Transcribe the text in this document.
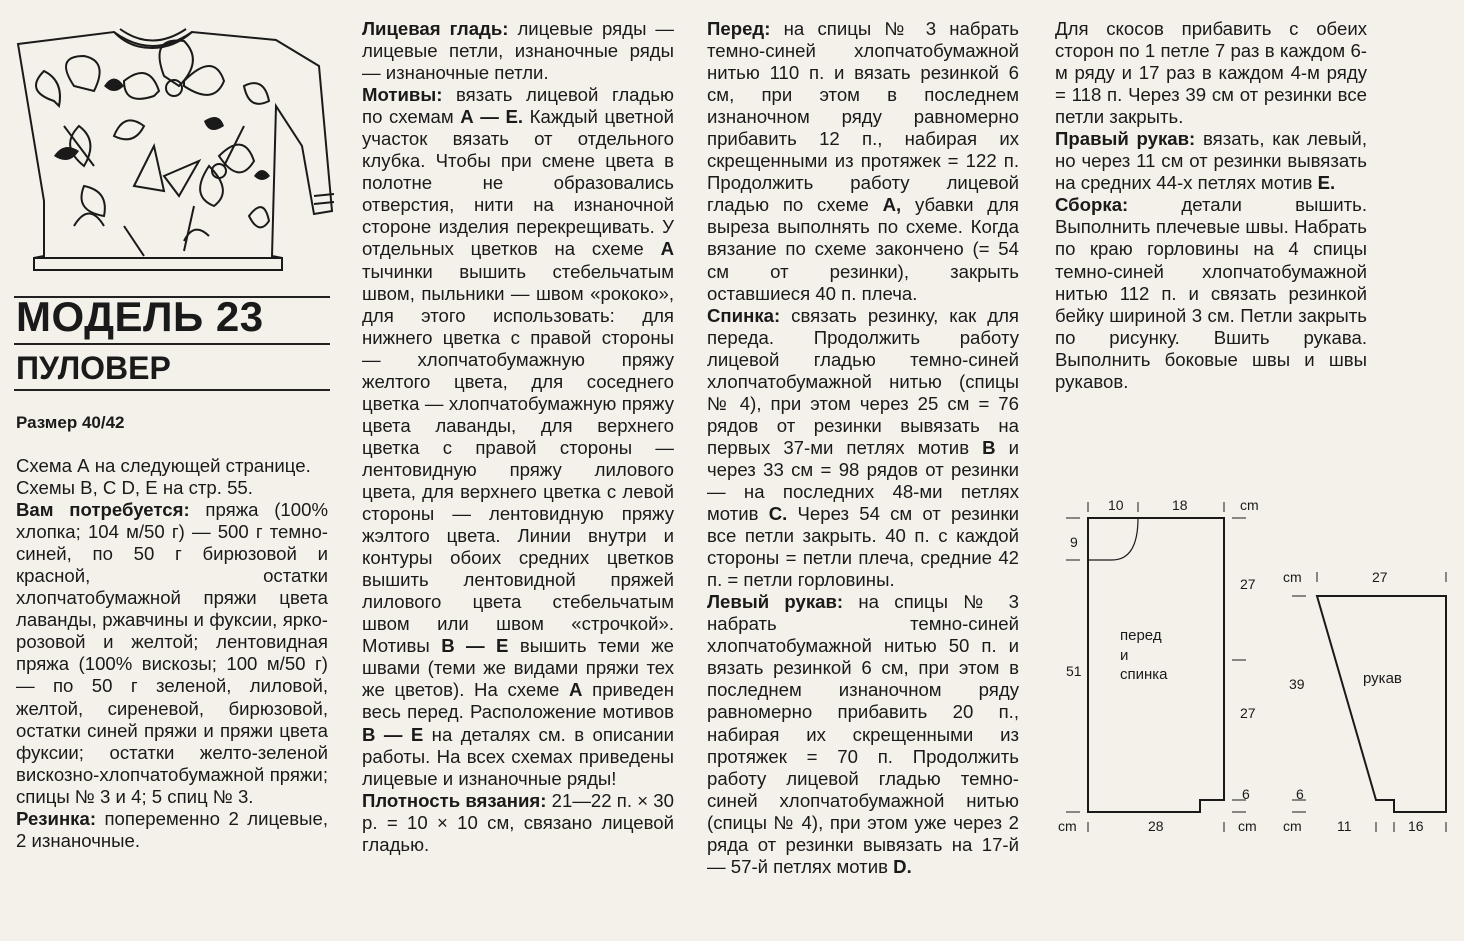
МОДЕЛЬ 23
ПУЛОВЕР

Размер 40/42

Схема А на следующей странице.

Схемы B, C D, E на стр. 55.

Вам потребуется: пряжа (100% хлопка; 104 м/50 г) — 500 г темно-синей, по 50 г бирюзовой и красной, остатки хлопчатобумажной пряжи цвета лаванды, ржавчины и фуксии, ярко-розовой и желтой; лентовидная пряжа (100% вискозы; 100 м/50 г) — по 50 г зеленой, лиловой, желтой, сиреневой, бирюзовой, остатки синей пряжи и пряжи цвета фуксии; остатки желто-зеленой вискозно-хлопчатобумажной пряжи; спицы № 3 и 4; 5 спиц № 3.

Резинка: попеременно 2 лицевые, 2 изнаночные.

Лицевая гладь: лицевые ряды — лицевые петли, изнаночные ряды — изнаночные петли.

Мотивы: вязать лицевой гладью по схемам А — Е. Каждый цветной участок вязать от отдельного клубка. Чтобы при смене цвета в полотне не образовались отверстия, нити на изнаночной стороне изделия перекрещивать. У отдельных цветков на схеме А тычинки вышить стебельчатым швом, пыльники — швом «рококо», для этого использовать: для нижнего цветка с правой стороны — хлопчатобумажную пряжу желтого цвета, для соседнего цветка — хлопчатобумажную пряжу цвета лаванды, для верхнего цветка с правой стороны — лентовидную пряжу лилового цвета, для верхнего цветка с левой стороны — лентовидную пряжу жэлтого цвета. Линии внутри и контуры обоих средних цветков вышить лентовидной пряжей лилового цвета стебельчатым швом или швом «строчкой». Мотивы В — Е вышить теми же швами (теми же видами пряжи тех же цветов). На схеме А приведен весь перед. Расположение мотивов В — Е на деталях см. в описании работы. На всех схемах приведены лицевые и изнаночные ряды!

Плотность вязания: 21—22 п. × 30 р. = 10 × 10 см, связано лицевой гладью.

Перед: на спицы № 3 набрать темно-синей хлопчатобумажной нитью 110 п. и вязать резинкой 6 см, при этом в последнем изнаночном ряду равномерно прибавить 12 п., набирая их скрещенными из протяжек = 122 п. Продолжить работу лицевой гладью по схеме А, убавки для выреза выполнять по схеме. Когда вязание по схеме закончено (= 54 см от резинки), закрыть оставшиеся 40 п. плеча.

Спинка: связать резинку, как для переда. Продолжить работу лицевой гладью темно-синей хлопчатобумажной нитью (спицы № 4), при этом через 25 см = 76 рядов от резинки вывязать на первых 37-ми петлях мотив В и через 33 см = 98 рядов от резинки — на последних 48-ми петлях мотив С. Через 54 см от резинки все петли закрыть. 40 п. с каждой стороны = петли плеча, средние 42 п. = петли горловины.

Левый рукав: на спицы № 3 набрать темно-синей хлопчатобумажной нитью 50 п. и вязать резинкой 6 см, при этом в последнем изнаночном ряду равномерно прибавить 20 п., набирая их скрещенными из протяжек = 70 п. Продолжить работу лицевой гладью темно-синей хлопчатобумажной нитью (спицы № 4), при этом уже через 2 ряда от резинки вывязать на 17-й — 57-й петлях мотив D.

Для скосов прибавить с обеих сторон по 1 петле 7 раз в каждом 6-м ряду и 17 раз в каждом 4-м ряду = 118 п. Через 39 см от резинки все петли закрыть.

Правый рукав: вязать, как левый, но через 11 см от резинки вывязать на средних 44-х петлях мотив Е.

Сборка: детали вышить. Выполнить плечевые швы. Набрать по краю горловины на 4 спицы темно-синей хлопчатобумажной нитью 112 п. и связать резинкой бейку шириной 3 см. Петли закрыть по рисунку. Вшить рукава. Выполнить боковые швы и швы рукавов.

10	18	cm
9
27
51
27
6
28
cm	cm
перед
и
спинка
cm	27
39
6
cm	11	16
рукав
